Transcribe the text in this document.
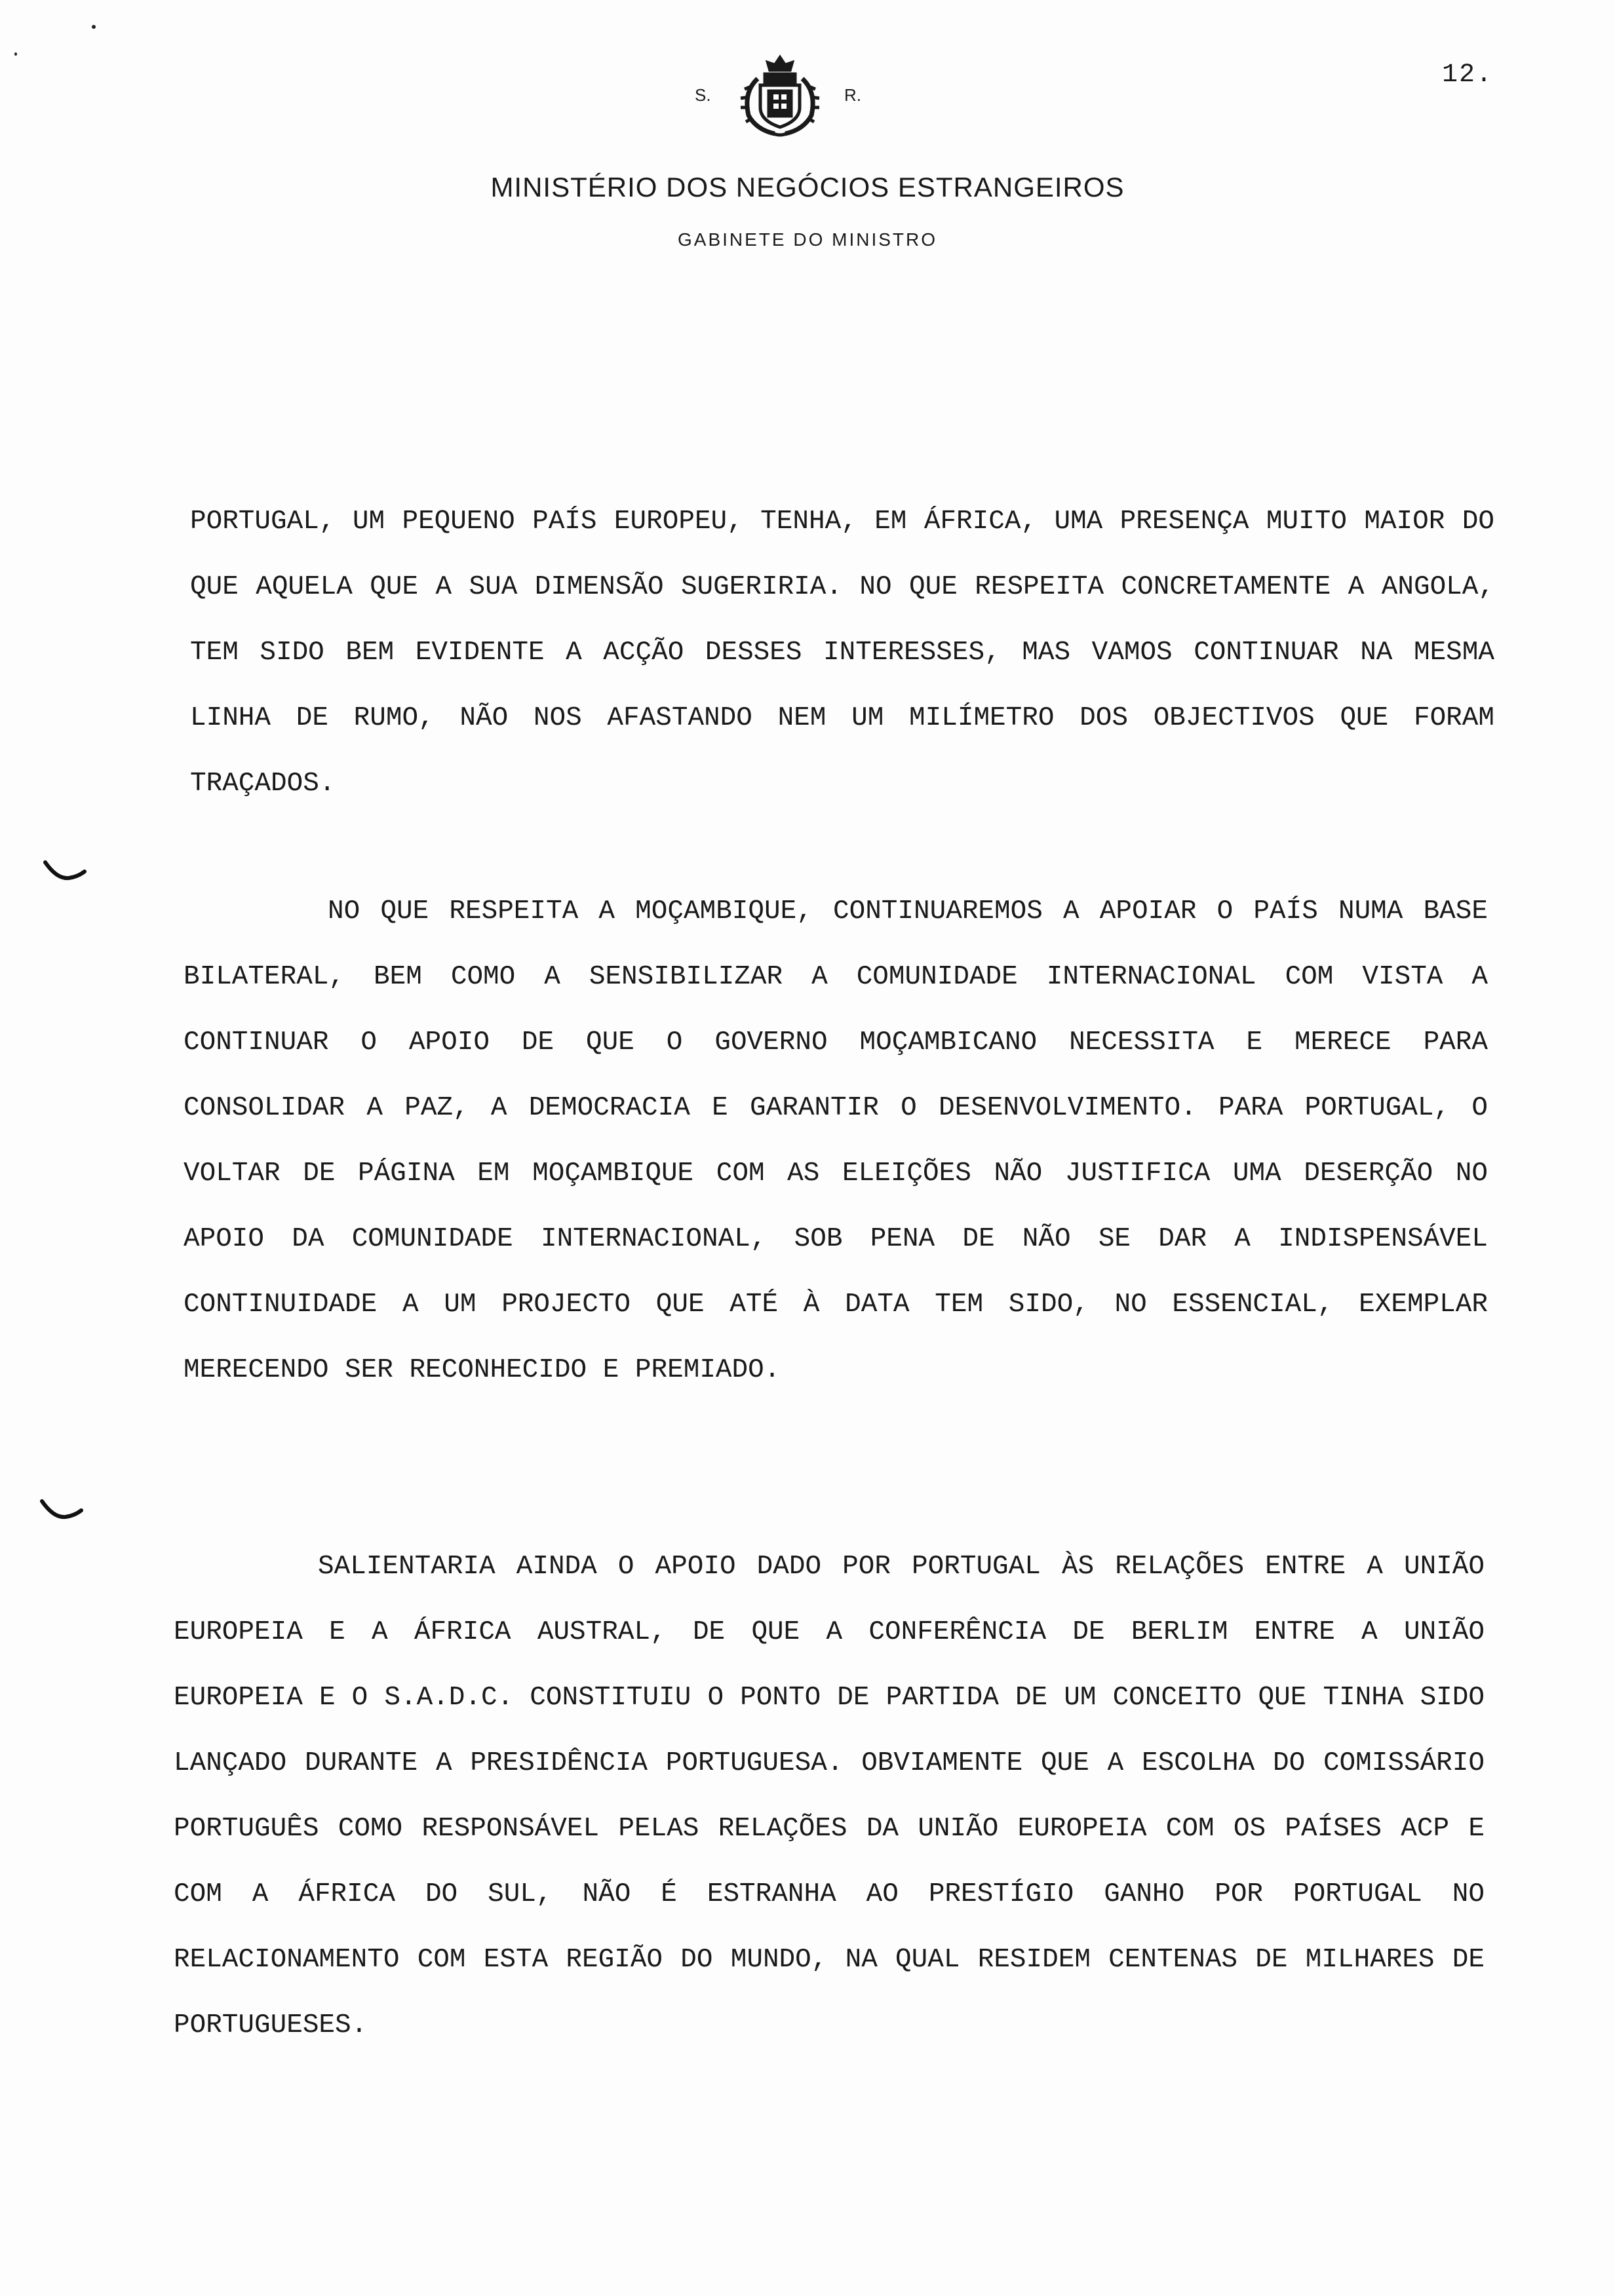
12.
S.	R.
MINISTÉRIO DOS NEGÓCIOS ESTRANGEIROS
GABINETE DO MINISTRO

PORTUGAL, UM PEQUENO PAÍS EUROPEU, TENHA, EM ÁFRICA, UMA PRESENÇA MUITO MAIOR DO QUE AQUELA QUE A SUA DIMENSÃO SUGERIRIA. NO QUE RESPEITA CONCRETAMENTE A ANGOLA, TEM SIDO BEM EVIDENTE A ACÇÃO DESSES INTERESSES, MAS VAMOS CONTINUAR NA MESMA LINHA DE RUMO, NÃO NOS AFASTANDO NEM UM MILÍMETRO DOS OBJECTIVOS QUE FORAM TRAÇADOS.

NO QUE RESPEITA A MOÇAMBIQUE, CONTINUAREMOS A APOIAR O PAÍS NUMA BASE BILATERAL, BEM COMO A SENSIBILIZAR A COMUNIDADE INTERNACIONAL COM VISTA A CONTINUAR O APOIO DE QUE O GOVERNO MOÇAMBICANO NECESSITA E MERECE PARA CONSOLIDAR A PAZ, A DEMOCRACIA E GARANTIR O DESENVOLVIMENTO. PARA PORTUGAL, O VOLTAR DE PÁGINA EM MOÇAMBIQUE COM AS ELEIÇÕES NÃO JUSTIFICA UMA DESERÇÃO NO APOIO DA COMUNIDADE INTERNACIONAL, SOB PENA DE NÃO SE DAR A INDISPENSÁVEL CONTINUIDADE A UM PROJECTO QUE ATÉ À DATA TEM SIDO, NO ESSENCIAL, EXEMPLAR MERECENDO SER RECONHECIDO E PREMIADO.

SALIENTARIA AINDA O APOIO DADO POR PORTUGAL ÀS RELAÇÕES ENTRE A UNIÃO EUROPEIA E A ÁFRICA AUSTRAL, DE QUE A CONFERÊNCIA DE BERLIM ENTRE A UNIÃO EUROPEIA E O S.A.D.C. CONSTITUIU O PONTO DE PARTIDA DE UM CONCEITO QUE TINHA SIDO LANÇADO DURANTE A PRESIDÊNCIA PORTUGUESA. OBVIAMENTE QUE A ESCOLHA DO COMISSÁRIO PORTUGUÊS COMO RESPONSÁVEL PELAS RELAÇÕES DA UNIÃO EUROPEIA COM OS PAÍSES ACP E COM A ÁFRICA DO SUL, NÃO É ESTRANHA AO PRESTÍGIO GANHO POR PORTUGAL NO RELACIONAMENTO COM ESTA REGIÃO DO MUNDO, NA QUAL RESIDEM CENTENAS DE MILHARES DE PORTUGUESES.
